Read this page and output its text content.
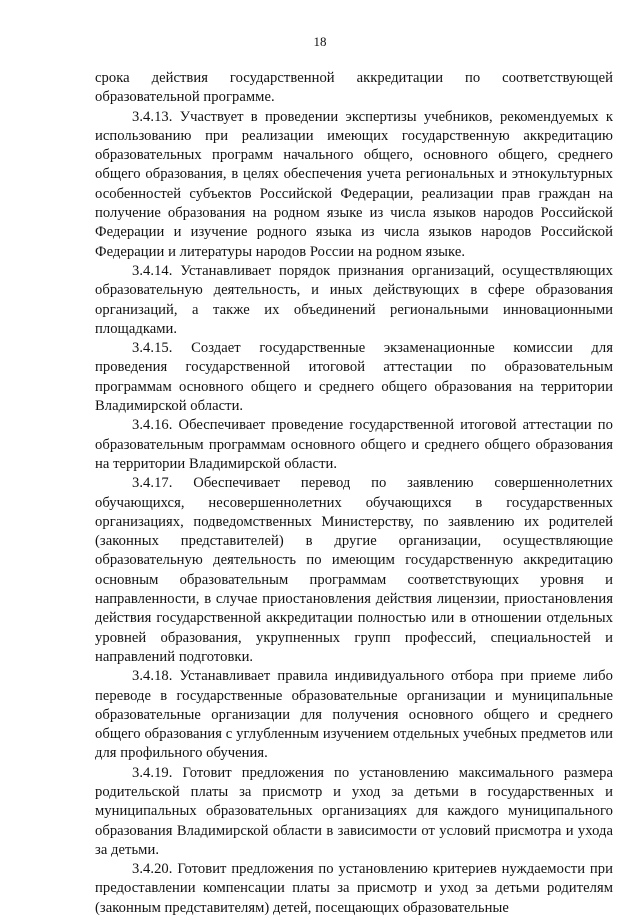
18

срока действия государственной аккредитации по соответствующей образовательной программе.

3.4.13. Участвует в проведении экспертизы учебников, рекомендуемых к использованию при реализации имеющих государственную аккредитацию образовательных программ начального общего, основного общего, среднего общего образования, в целях обеспечения учета региональных и этнокультурных особенностей субъектов Российской Федерации, реализации прав граждан на получение образования на родном языке из числа языков народов Российской Федерации и изучение родного языка из числа языков народов Российской Федерации и литературы народов России на родном языке.

3.4.14. Устанавливает порядок признания организаций, осуществляющих образовательную деятельность, и иных действующих в сфере образования организаций, а также их объединений региональными инновационными площадками.

3.4.15. Создает государственные экзаменационные комиссии для проведения государственной итоговой аттестации по образовательным программам основного общего и среднего общего образования на территории Владимирской области.

3.4.16. Обеспечивает проведение государственной итоговой аттестации по образовательным программам основного общего и среднего общего образования на территории Владимирской области.

3.4.17. Обеспечивает перевод по заявлению совершеннолетних обучающихся, несовершеннолетних обучающихся в государственных организациях, подведомственных Министерству, по заявлению их родителей (законных представителей) в другие организации, осуществляющие образовательную деятельность по имеющим государственную аккредитацию основным образовательным программам соответствующих уровня и направленности, в случае приостановления действия лицензии, приостановления действия государственной аккредитации полностью или в отношении отдельных уровней образования, укрупненных групп профессий, специальностей и направлений подготовки.

3.4.18. Устанавливает правила индивидуального отбора при приеме либо переводе в государственные образовательные организации и муниципальные образовательные организации для получения основного общего и среднего общего образования с углубленным изучением отдельных учебных предметов или для профильного обучения.

3.4.19. Готовит предложения по установлению максимального размера родительской платы за присмотр и уход за детьми в государственных и муниципальных образовательных организациях для каждого муниципального образования Владимирской области в зависимости от условий присмотра и ухода за детьми.

3.4.20. Готовит предложения по установлению критериев нуждаемости при предоставлении компенсации платы за присмотр и уход за детьми родителям (законным представителям) детей, посещающих образовательные
